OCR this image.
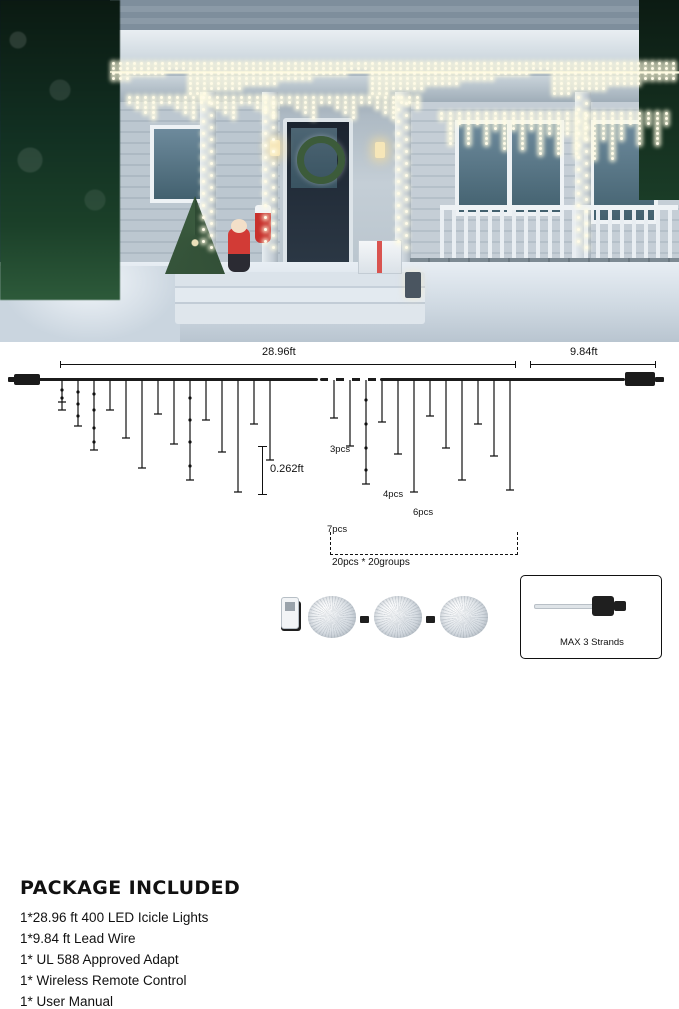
28.96ft	9.84ft
0.262ft
3pcs
7pcs
4pcs
6pcs
20pcs * 20groups
PACKAGE INCLUDED
1*28.96 ft 400 LED Icicle Lights
1*9.84 ft Lead Wire
1* UL 588 Approved Adapt
1* Wireless Remote Control
1* User Manual
MAX 3 Strands
